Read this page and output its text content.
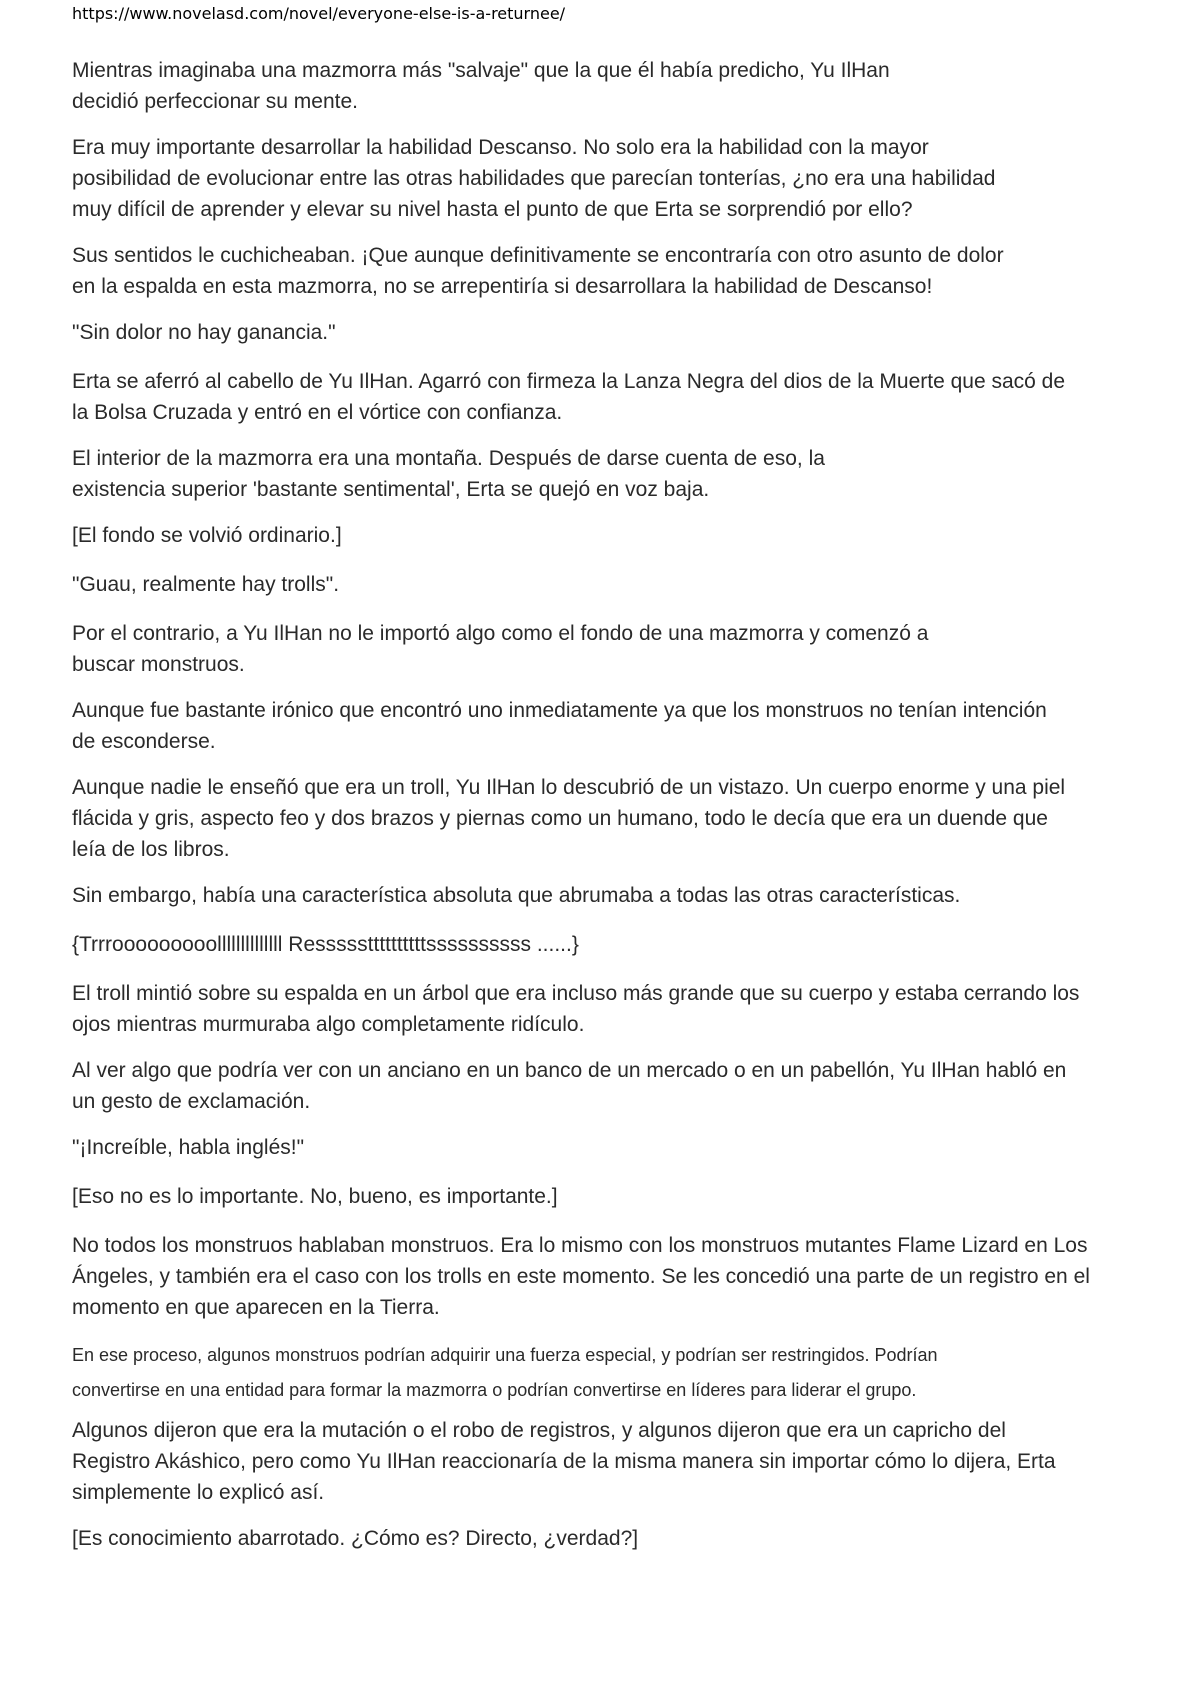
https://www.novelasd.com/novel/everyone-else-is-a-returnee/

Mientras imaginaba una mazmorra más "salvaje" que la que él había predicho, Yu IlHan decidió perfeccionar su mente.

Era muy importante desarrollar la habilidad Descanso. No solo era la habilidad con la mayor posibilidad de evolucionar entre las otras habilidades que parecían tonterías, ¿no era una habilidad muy difícil de aprender y elevar su nivel hasta el punto de que Erta se sorprendió por ello?

Sus sentidos le cuchicheaban. ¡Que aunque definitivamente se encontraría con otro asunto de dolor en la espalda en esta mazmorra, no se arrepentiría si desarrollara la habilidad de Descanso!

"Sin dolor no hay ganancia."

Erta se aferró al cabello de Yu IlHan. Agarró con firmeza la Lanza Negra del dios de la Muerte que sacó de la Bolsa Cruzada y entró en el vórtice con confianza.

El interior de la mazmorra era una montaña. Después de darse cuenta de eso, la existencia superior 'bastante sentimental', Erta se quejó en voz baja.

[El fondo se volvió ordinario.]

"Guau, realmente hay trolls".

Por el contrario, a Yu IlHan no le importó algo como el fondo de una mazmorra y comenzó a buscar monstruos.

Aunque fue bastante irónico que encontró uno inmediatamente ya que los monstruos no tenían intención de esconderse.

Aunque nadie le enseñó que era un troll, Yu IlHan lo descubrió de un vistazo. Un cuerpo enorme y una piel flácida y gris, aspecto feo y dos brazos y piernas como un humano, todo le decía que era un duende que leía de los libros.

Sin embargo, había una característica absoluta que abrumaba a todas las otras características.

{Trrrooooooooollllllllllllll Resssssttttttttttssssssssss ......}

El troll mintió sobre su espalda en un árbol que era incluso más grande que su cuerpo y estaba cerrando los ojos mientras murmuraba algo completamente ridículo.

Al ver algo que podría ver con un anciano en un banco de un mercado o en un pabellón, Yu IlHan habló en un gesto de exclamación.

"¡Increíble, habla inglés!"

[Eso no es lo importante. No, bueno, es importante.]

No todos los monstruos hablaban monstruos. Era lo mismo con los monstruos mutantes Flame Lizard en Los Ángeles, y también era el caso con los trolls en este momento. Se les concedió una parte de un registro en el momento en que aparecen en la Tierra.

En ese proceso, algunos monstruos podrían adquirir una fuerza especial, y podrían ser restringidos. Podrían convertirse en una entidad para formar la mazmorra o podrían convertirse en líderes para liderar el grupo.

Algunos dijeron que era la mutación o el robo de registros, y algunos dijeron que era un capricho del Registro Akáshico, pero como Yu IlHan reaccionaría de la misma manera sin importar cómo lo dijera, Erta simplemente lo explicó así.

[Es conocimiento abarrotado. ¿Cómo es? Directo, ¿verdad?]
